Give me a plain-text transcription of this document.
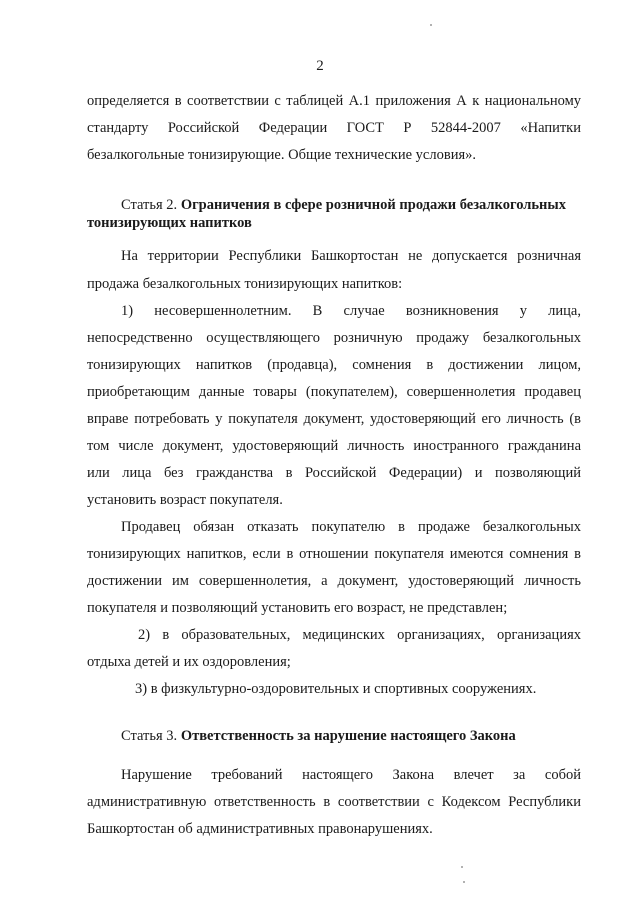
2
определяется в соответствии с таблицей А.1 приложения А к национальному
стандарту Российской Федерации ГОСТ Р 52844-2007 «Напитки
безалкогольные тонизирующие. Общие технические условия».
Статья 2. Ограничения в сфере розничной продажи безалкогольных
тонизирующих напитков
На территории Республики Башкортостан не допускается розничная
продажа безалкогольных тонизирующих напитков:
1) несовершеннолетним. В случае возникновения у лица,
непосредственно осуществляющего розничную продажу безалкогольных
тонизирующих напитков (продавца), сомнения в достижении лицом,
приобретающим данные товары (покупателем), совершеннолетия продавец
вправе потребовать у покупателя документ, удостоверяющий его личность (в
том числе документ, удостоверяющий личность иностранного гражданина
или лица без гражданства в Российской Федерации) и позволяющий
установить возраст покупателя.
Продавец обязан отказать покупателю в продаже безалкогольных
тонизирующих напитков, если в отношении покупателя имеются сомнения в
достижении им совершеннолетия, а документ, удостоверяющий личность
покупателя и позволяющий установить его возраст, не представлен;
2) в образовательных, медицинских организациях, организациях
отдыха детей и их оздоровления;
3) в физкультурно-оздоровительных и спортивных сооружениях.
Статья 3. Ответственность за нарушение настоящего Закона
Нарушение требований настоящего Закона влечет за собой
административную ответственность в соответствии с Кодексом Республики
Башкортостан об административных правонарушениях.
